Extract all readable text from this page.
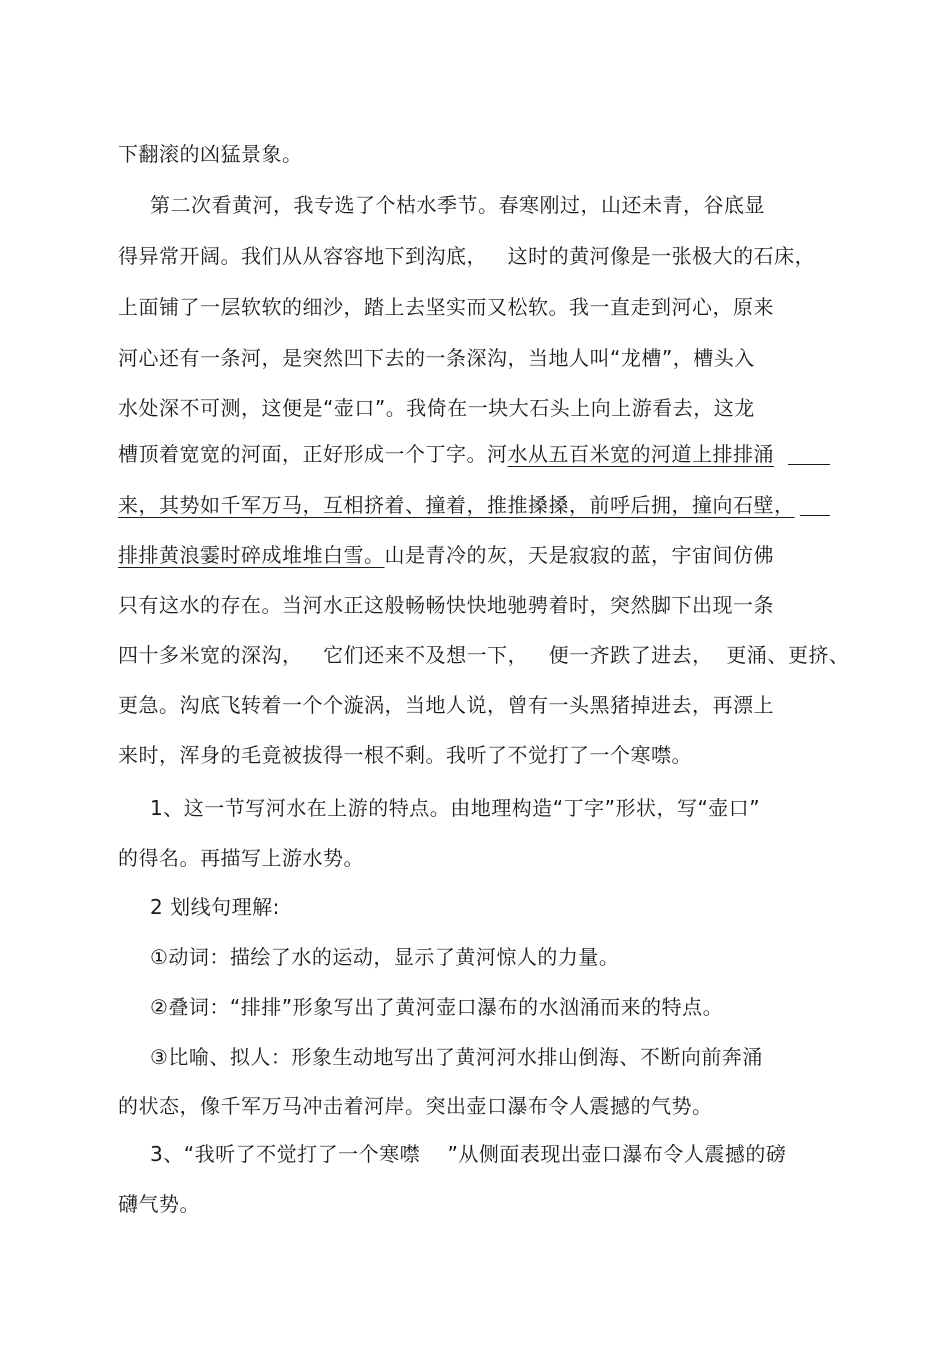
下翻滚的凶猛景象。
第二次看黄河，我专选了个枯水季节。春寒刚过，山还未青，谷底显
得异常开阔。我们从从容容地下到沟底，   这时的黄河像是一张极大的石床，
上面铺了一层软软的细沙，踏上去坚实而又松软。我一直走到河心，原来
河心还有一条河，是突然凹下去的一条深沟，当地人叫“龙槽”，槽头入
水处深不可测，这便是“壶口”。我倚在一块大石头上向上游看去，这龙
槽顶着宽宽的河面，正好形成一个丁字。河水从五百米宽的河道上排排涌
来，其势如千军万马，互相挤着、撞着，推推搡搡，前呼后拥，撞向石壁，
排排黄浪霎时碎成堆堆白雪。山是青冷的灰，天是寂寂的蓝，宇宙间仿佛
只有这水的存在。当河水正这般畅畅快快地驰骋着时，突然脚下出现一条
四十多米宽的深沟，   它们还来不及想一下，   便一齐跌了进去，  更涌、更挤、
更急。沟底飞转着一个个漩涡，当地人说，曾有一头黑猪掉进去，再漂上
来时，浑身的毛竟被拔得一根不剩。我听了不觉打了一个寒噤。
1、这一节写河水在上游的特点。由地理构造“丁字”形状，写“壶口”
的得名。再描写上游水势。
2 划线句理解:
①动词：描绘了水的运动，显示了黄河惊人的力量。
②叠词：“排排”形象写出了黄河壶口瀑布的水汹涌而来的特点。
③比喻、拟人：形象生动地写出了黄河河水排山倒海、不断向前奔涌
的状态，像千军万马冲击着河岸。突出壶口瀑布令人震撼的气势。
3、“我听了不觉打了一个寒噤    ”从侧面表现出壶口瀑布令人震撼的磅
礴气势。
